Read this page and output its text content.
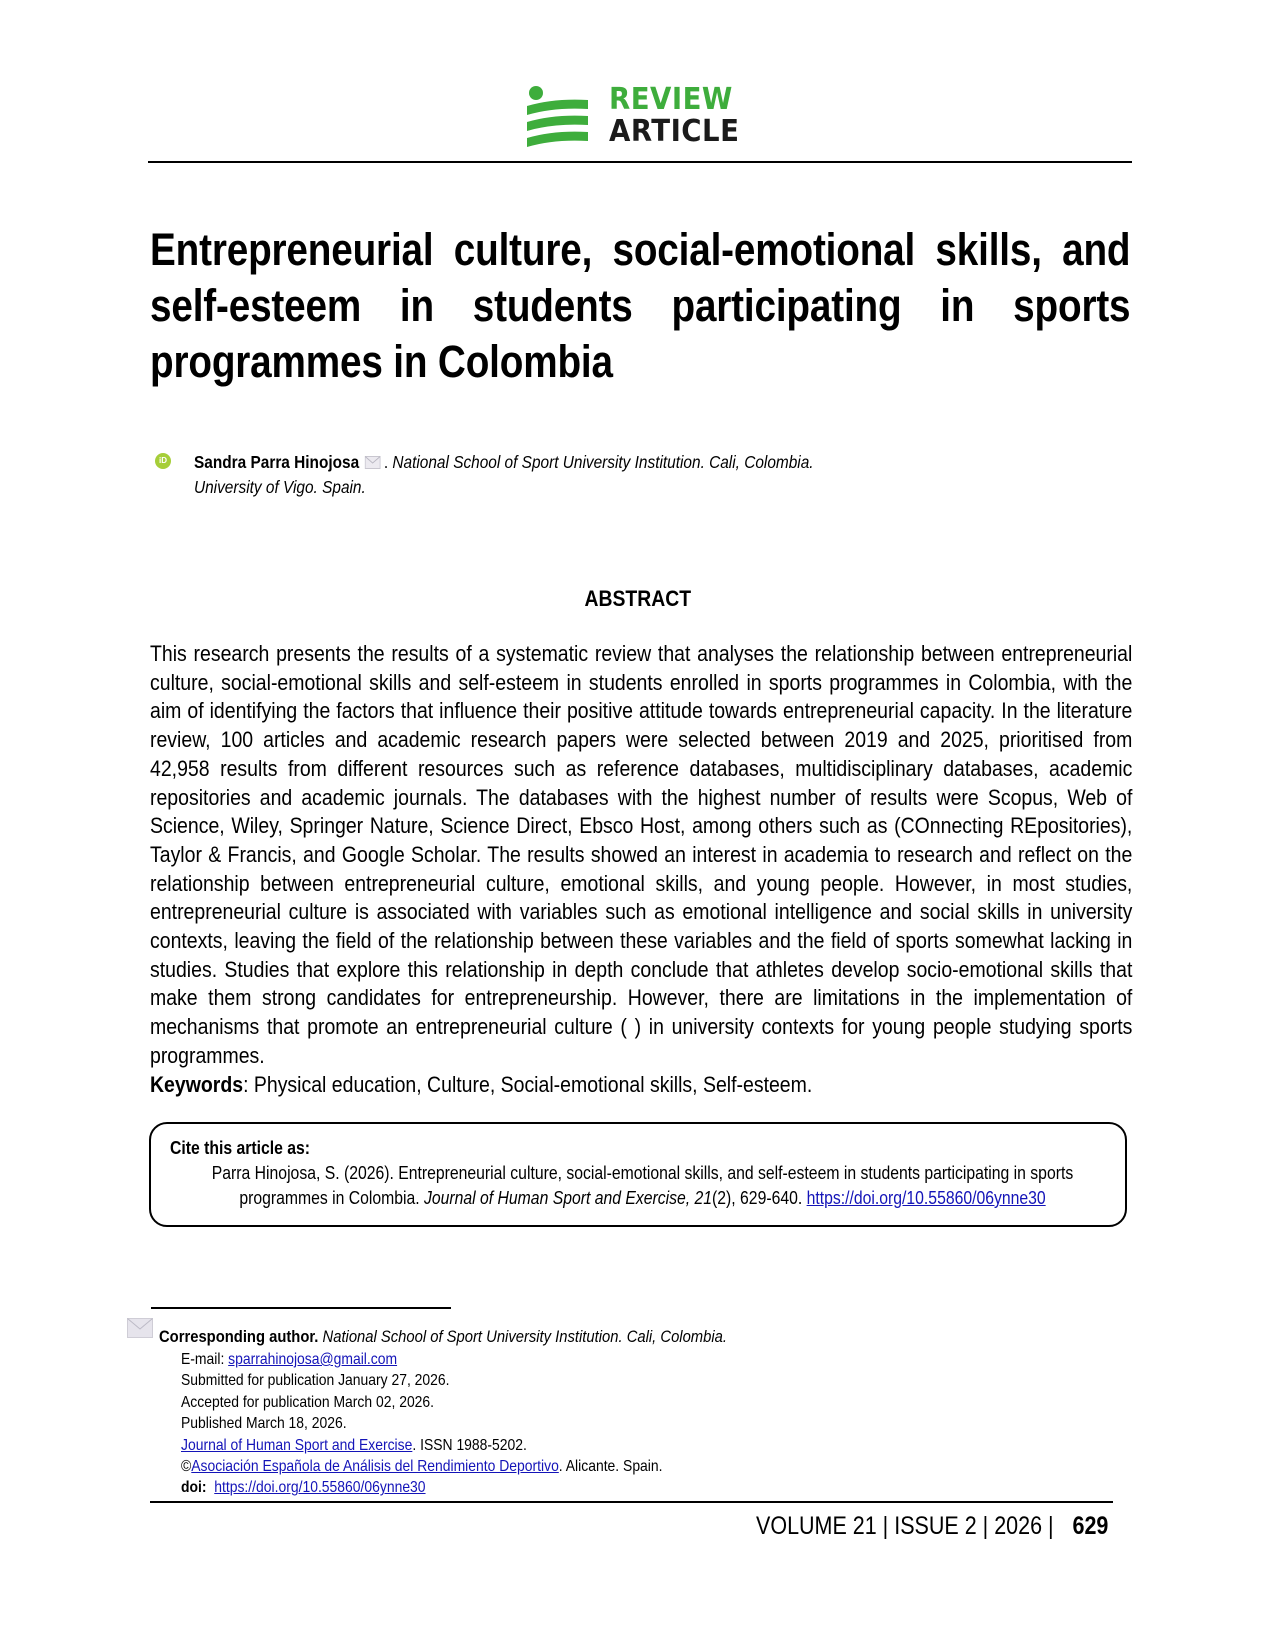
REVIEW
ARTICLE
Entrepreneurial culture, social-emotional skills, and self-esteem in students participating in sports programmes in Colombia
iD Sandra Parra Hinojosa . National School of Sport University Institution. Cali, Colombia.
University of Vigo. Spain.
ABSTRACT
This research presents the results of a systematic review that analyses the relationship between entrepreneurial culture, social-emotional skills and self-esteem in students enrolled in sports programmes in Colombia, with the aim of identifying the factors that influence their positive attitude towards entrepreneurial capacity. In the literature review, 100 articles and academic research papers were selected between 2019 and 2025, prioritised from 42,958 results from different resources such as reference databases, multidisciplinary databases, academic repositories and academic journals. The databases with the highest number of results were Scopus, Web of Science, Wiley, Springer Nature, Science Direct, Ebsco Host, among others such as (COnnecting REpositories), Taylor & Francis, and Google Scholar. The results showed an interest in academia to research and reflect on the relationship between entrepreneurial culture, emotional skills, and young people. However, in most studies, entrepreneurial culture is associated with variables such as emotional intelligence and social skills in university contexts, leaving the field of the relationship between these variables and the field of sports somewhat lacking in studies. Studies that explore this relationship in depth conclude that athletes develop socio-emotional skills that make them strong candidates for entrepreneurship. However, there are limitations in the implementation of mechanisms that promote an entrepreneurial culture ( ) in university contexts for young people studying sports programmes.
Keywords: Physical education, Culture, Social-emotional skills, Self-esteem.
Cite this article as:
Parra Hinojosa, S. (2026). Entrepreneurial culture, social-emotional skills, and self-esteem in students participating in sports programmes in Colombia. Journal of Human Sport and Exercise, 21(2), 629-640. https://doi.org/10.55860/06ynne30
Corresponding author. National School of Sport University Institution. Cali, Colombia.
E-mail: sparrahinojosa@gmail.com
Submitted for publication January 27, 2026.
Accepted for publication March 02, 2026.
Published March 18, 2026.
Journal of Human Sport and Exercise. ISSN 1988-5202.
©Asociación Española de Análisis del Rendimiento Deportivo. Alicante. Spain.
doi: https://doi.org/10.55860/06ynne30
VOLUME 21 | ISSUE 2 | 2026 | 629
